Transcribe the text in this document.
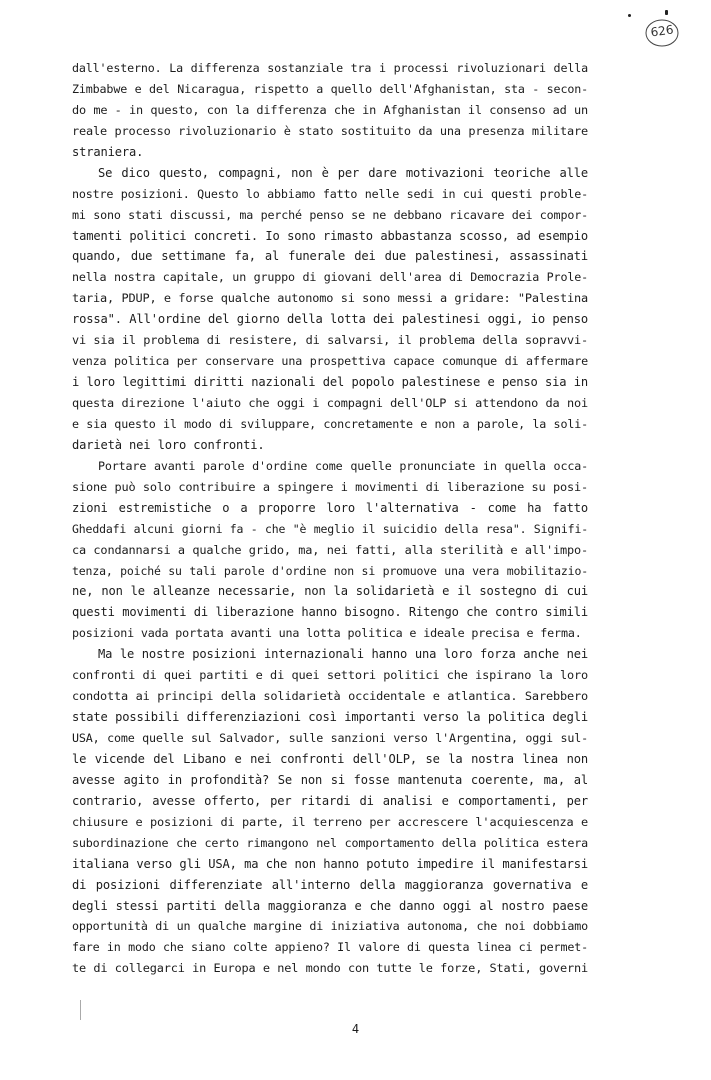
626
dall'esterno. La differenza sostanziale tra i processi rivoluzionari della
Zimbabwe e del Nicaragua, rispetto a quello dell'Afghanistan, sta - secon-
do me - in questo, con la differenza che in Afghanistan il consenso ad un
reale processo rivoluzionario è stato sostituito da una presenza militare
straniera.
Se dico questo, compagni, non è per dare motivazioni teoriche alle
nostre posizioni. Questo lo abbiamo fatto nelle sedi in cui questi proble-
mi sono stati discussi, ma perché penso se ne debbano ricavare dei compor-
tamenti politici concreti. Io sono rimasto abbastanza scosso, ad esempio
quando, due settimane fa, al funerale dei due palestinesi, assassinati
nella nostra capitale, un gruppo di giovani dell'area di Democrazia Prole-
taria, PDUP, e forse qualche autonomo si sono messi a gridare: "Palestina
rossa". All'ordine del giorno della lotta dei palestinesi oggi, io penso
vi sia il problema di resistere, di salvarsi, il problema della sopravvi-
venza politica per conservare una prospettiva capace comunque di affermare
i loro legittimi diritti nazionali del popolo palestinese e penso sia in
questa direzione l'aiuto che oggi i compagni dell'OLP si attendono da noi
e sia questo il modo di svilupparе, concretamente e non a parole, la soli-
darietà nei loro confronti.
Portare avanti parole d'ordine come quelle pronunciate in quella occa-
sione può solo contribuire a spingere i movimenti di liberazione su posi-
zioni estremistiche o a proporre loro l'alternativa - come ha fatto
Gheddafi alcuni giorni fa - che "è meglio il suicidio della resa". Signifi-
ca condannarsi a qualche grido, ma, nei fatti, alla sterilità e all'impo-
tenza, poiché su tali parole d'ordine non si promuove una vera mobilitazio-
ne, non le alleanze necessarie, non la solidarietà e il sostegno di cui
questi movimenti di liberazione hanno bisogno. Ritengo che contro simili
posizioni vada portata avanti una lotta politica e ideale precisa e ferma.
Ma le nostre posizioni internazionali hanno una loro forza anche nei
confronti di quei partiti e di quei settori politici che ispirano la loro
condotta ai principi della solidarietà occidentale e atlantica. Sarebbero
state possibili differenziazioni così importanti verso la politica degli
USA, come quelle sul Salvador, sulle sanzioni verso l'Argentina, oggi sul-
le vicende del Libano e nei confronti dell'OLP, se la nostra linea non
avesse agito in profondità? Se non si fosse mantenuta coerente, ma, al
contrario, avesse offerto, per ritardi di analisi e comportamenti, per
chiusure e posizioni di parte, il terreno per accrescere l'acquiescenza e
subordinazione che certo rimangono nel comportamento della politica estera
italiana verso gli USA, ma che non hanno potuto impedire il manifestarsi
di posizioni differenziate all'interno della maggioranza governativa e
degli stessi partiti della maggioranza e che danno oggi al nostro paese
opportunità di un qualche margine di iniziativa autonoma, che noi dobbiamo
fare in modo che siano colte appieno? Il valore di questa linea ci permet-
te di collegarci in Europa e nel mondo con tutte le forze, Stati, governi
4
